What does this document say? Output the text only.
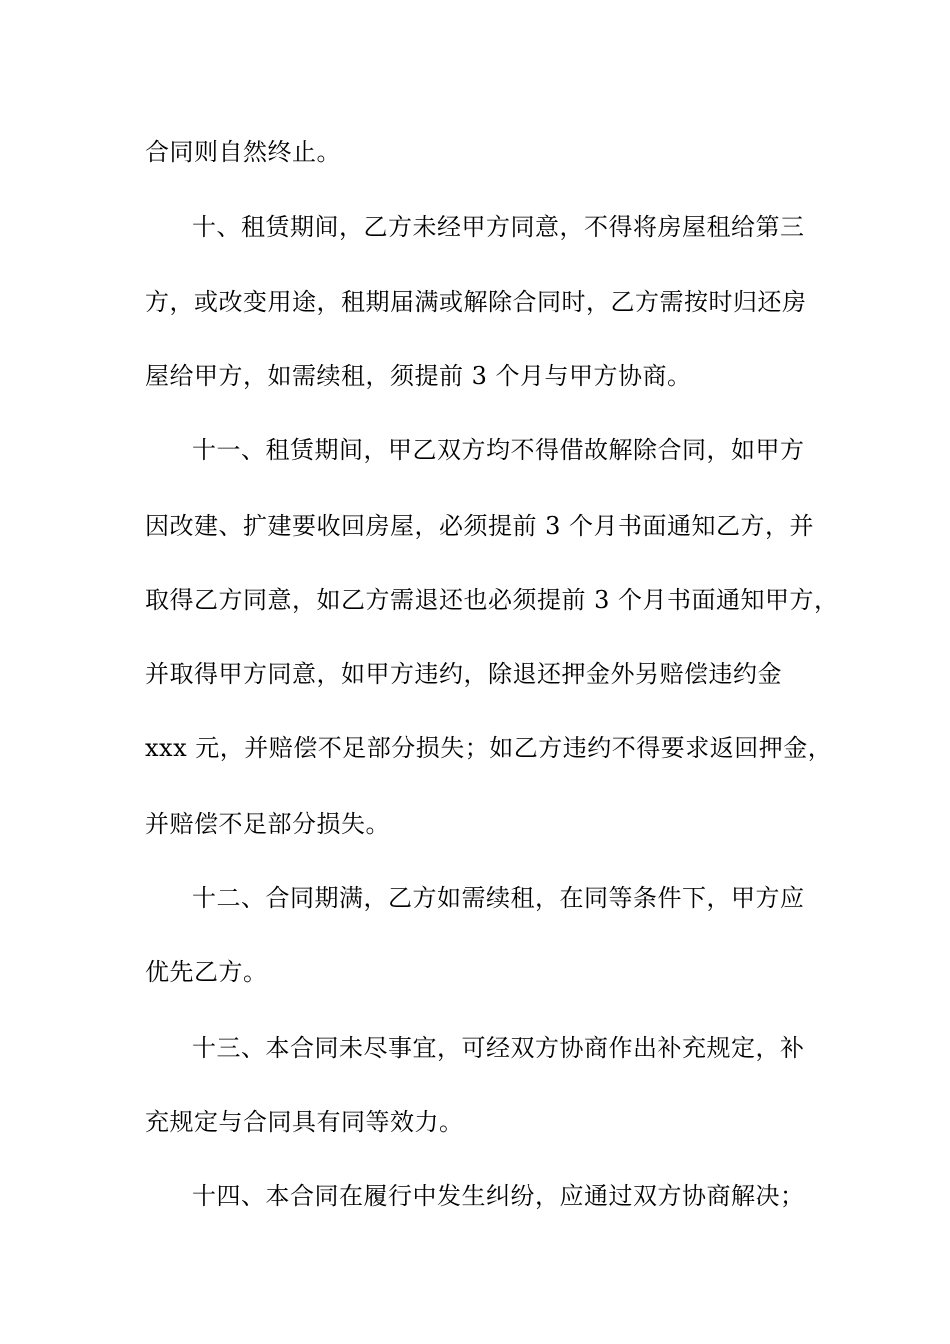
合同则自然终止。
十、租赁期间，乙方未经甲方同意，不得将房屋租给第三
方，或改变用途，租期届满或解除合同时，乙方需按时归还房
屋给甲方，如需续租，须提前 3 个月与甲方协商。
十一、租赁期间，甲乙双方均不得借故解除合同，如甲方
因改建、扩建要收回房屋，必须提前 3 个月书面通知乙方，并
取得乙方同意，如乙方需退还也必须提前 3 个月书面通知甲方，
并取得甲方同意，如甲方违约，除退还押金外另赔偿违约金
xxx 元，并赔偿不足部分损失；如乙方违约不得要求返回押金，
并赔偿不足部分损失。
十二、合同期满，乙方如需续租，在同等条件下，甲方应
优先乙方。
十三、本合同未尽事宜，可经双方协商作出补充规定，补
充规定与合同具有同等效力。
十四、本合同在履行中发生纠纷，应通过双方协商解决；
